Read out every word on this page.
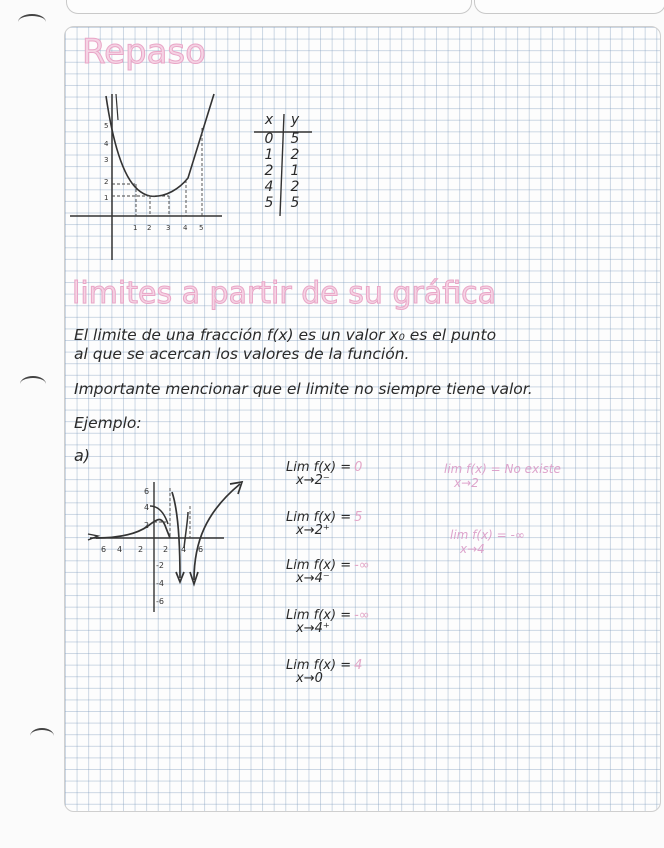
Repaso
1 2 3 4 5
1
2
3
4
5	x y
0 5
1 2
2 1
4 2
5 5
limites a partir de su gráfica
El limite de una fracción f(x) es un valor x₀ es el punto
al que se acercan los valores de la función.
Importante mencionar que el limite no siempre tiene valor.
Ejemplo:
a)
6 4 2 2 4 6
6
4
2
-2
-4
-6
Lim f(x) = 0
x→2⁻
Lim f(x) = 5
x→2⁺
Lim f(x) = -∞
x→4⁻
Lim f(x) = -∞
x→4⁺
Lim f(x) = 4
x→0
lim f(x) = No existe
x→2
lim f(x) = -∞
x→4
